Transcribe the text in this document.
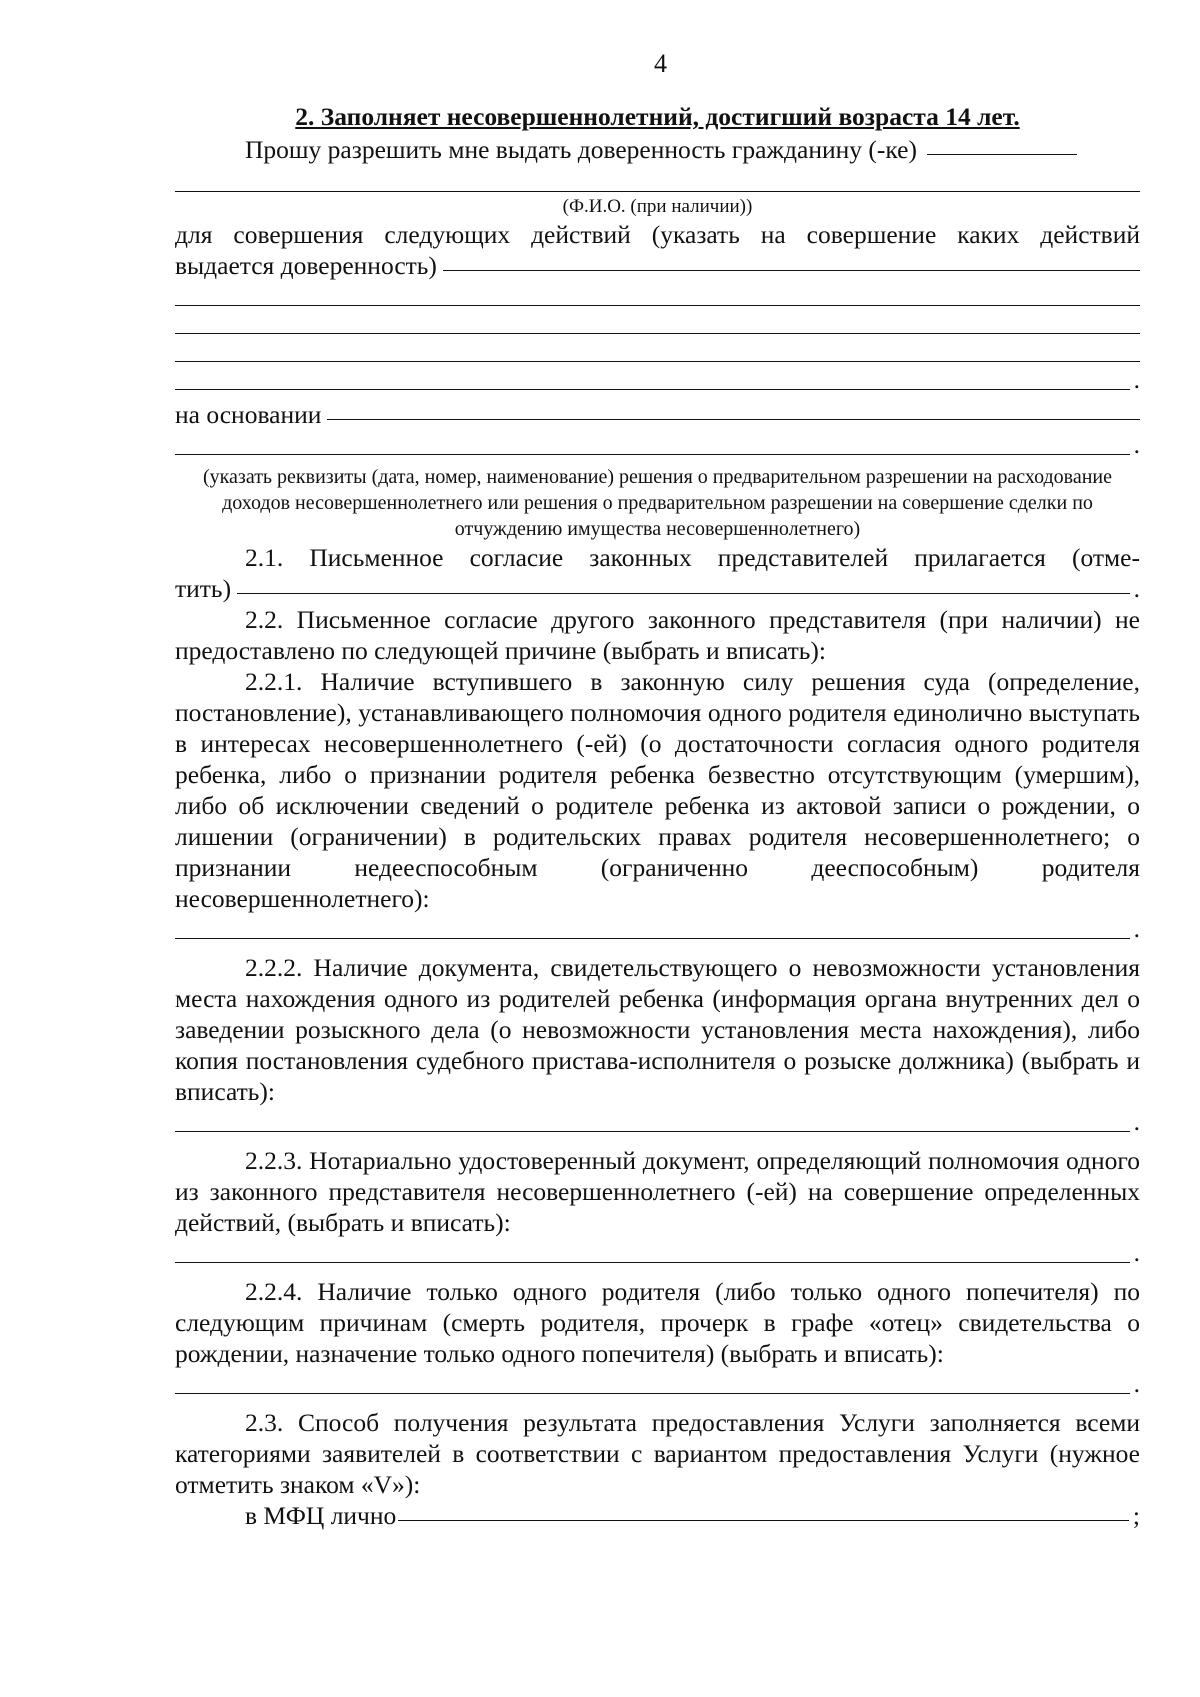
4
2. Заполняет несовершеннолетний, достигший возраста 14 лет.
Прошу разрешить мне выдать доверенность гражданину (-ке)
(Ф.И.О. (при наличии))
для совершения следующих действий (указать на совершение каких действий
выдается доверенность)
.
на основании
.
(указать реквизиты (дата, номер, наименование) решения о предварительном разрешении на расходование доходов несовершеннолетнего или решения о предварительном разрешении на совершение сделки по отчуждению имущества несовершеннолетнего)
2.1. Письменное согласие законных представителей прилагается (отме-
тить)	.
2.2. Письменное согласие другого законного представителя (при наличии) не предоставлено по следующей причине (выбрать и вписать):
2.2.1. Наличие вступившего в законную силу решения суда (определение, постановление), устанавливающего полномочия одного родителя единолично выступать в интересах несовершеннолетнего (-ей) (о достаточности согласия одного родителя ребенка, либо о признании родителя ребенка безвестно отсутствующим (умершим), либо об исключении сведений о родителе ребенка из актовой записи о рождении, о лишении (ограничении) в родительских правах родителя несовершеннолетнего; о признании недееспособным (ограниченно дееспособным) родителя несовершеннолетнего):
.
2.2.2. Наличие документа, свидетельствующего о невозможности установления места нахождения одного из родителей ребенка (информация органа внутренних дел о заведении розыскного дела (о невозможности установления места нахождения), либо копия постановления судебного пристава-исполнителя о розыске должника) (выбрать и вписать):
.
2.2.3. Нотариально удостоверенный документ, определяющий полномочия одного из законного представителя несовершеннолетнего (-ей) на совершение определенных действий, (выбрать и вписать):
.
2.2.4. Наличие только одного родителя (либо только одного попечителя) по следующим причинам (смерть родителя, прочерк в графе «отец» свидетельства о рождении, назначение только одного попечителя) (выбрать и вписать):
.
2.3. Способ получения результата предоставления Услуги заполняется всеми категориями заявителей в соответствии с вариантом предоставления Услуги (нужное отметить знаком «V»):
в МФЦ лично	;
